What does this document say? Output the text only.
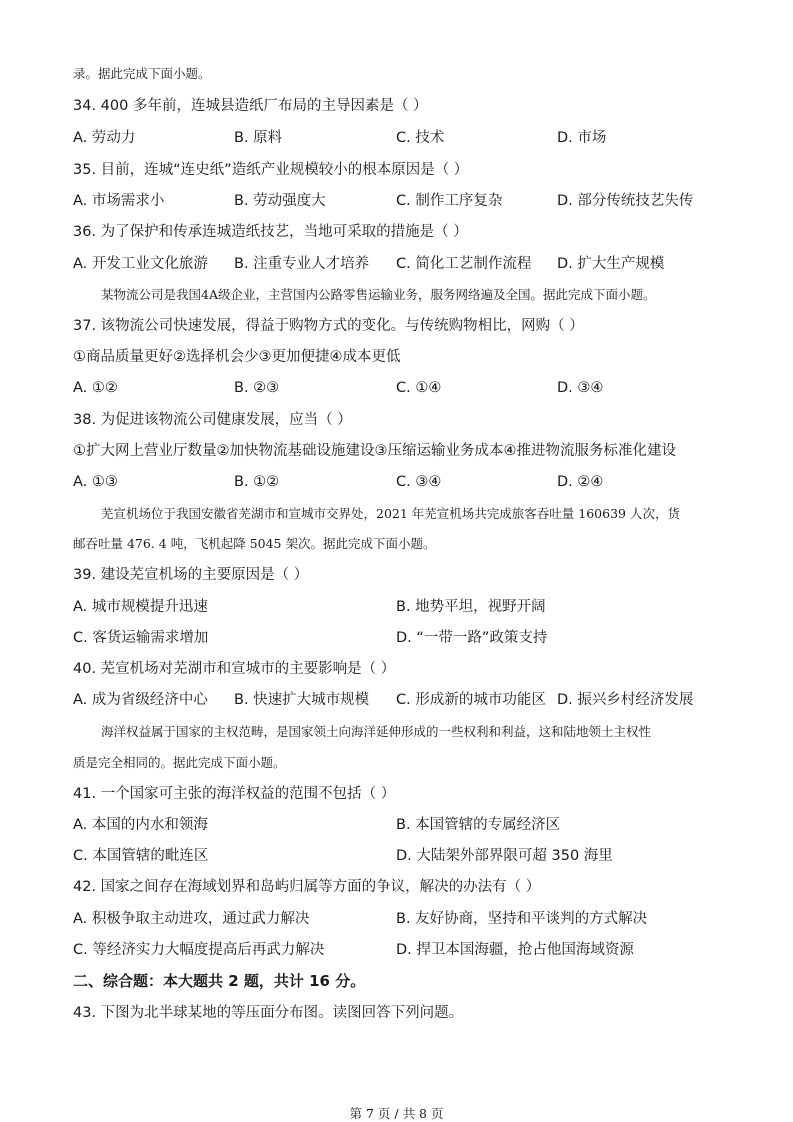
录。据此完成下面小题。
34. 400 多年前，连城县造纸厂布局的主导因素是（ ）
A. 劳动力	B. 原料	C. 技术	D. 市场
35. 目前，连城“连史纸”造纸产业规模较小的根本原因是（ ）
A. 市场需求小	B. 劳动强度大	C. 制作工序复杂	D. 部分传统技艺失传
36. 为了保护和传承连城造纸技艺，当地可采取的措施是（ ）
A. 开发工业文化旅游 B. 注重专业人才培养 C. 简化工艺制作流程 D. 扩大生产规模
某物流公司是我国4A级企业，主营国内公路零售运输业务，服务网络遍及全国。据此完成下面小题。
37. 该物流公司快速发展，得益于购物方式的变化。与传统购物相比，网购（ ）
①商品质量更好②选择机会少③更加便捷④成本更低
A. ①②	B. ②③	C. ①④	D. ③④
38. 为促进该物流公司健康发展，应当（ ）
①扩大网上营业厅数量②加快物流基础设施建设③压缩运输业务成本④推进物流服务标准化建设
A. ①③	B. ①②	C. ③④	D. ②④
芜宣机场位于我国安徽省芜湖市和宣城市交界处，2021 年芜宣机场共完成旅客吞吐量 160639 人次，货
邮吞吐量 476. 4 吨，飞机起降 5045 架次。据此完成下面小题。
39. 建设芜宣机场的主要原因是（ ）
A. 城市规模提升迅速	B. 地势平坦，视野开阔
C. 客货运输需求增加	D. “一带一路”政策支持
40. 芜宣机场对芜湖市和宣城市的主要影响是（ ）
A. 成为省级经济中心 B. 快速扩大城市规模 C. 形成新的城市功能区 D. 振兴乡村经济发展
海洋权益属于国家的主权范畴，是国家领土向海洋延伸形成的一些权利和利益，这和陆地领土主权性
质是完全相同的。据此完成下面小题。
41. 一个国家可主张的海洋权益的范围不包括（ ）
A. 本国的内水和领海	B. 本国管辖的专属经济区
C. 本国管辖的毗连区	D. 大陆架外部界限可超 350 海里
42. 国家之间存在海域划界和岛屿归属等方面的争议，解决的办法有（ ）
A. 积极争取主动进攻，通过武力解决	B. 友好协商，坚持和平谈判的方式解决
C. 等经济实力大幅度提高后再武力解决	D. 捍卫本国海疆，抢占他国海域资源
二、综合题：本大题共 2 题，共计 16 分。
43. 下图为北半球某地的等压面分布图。读图回答下列问题。
第 7 页 / 共 8 页
